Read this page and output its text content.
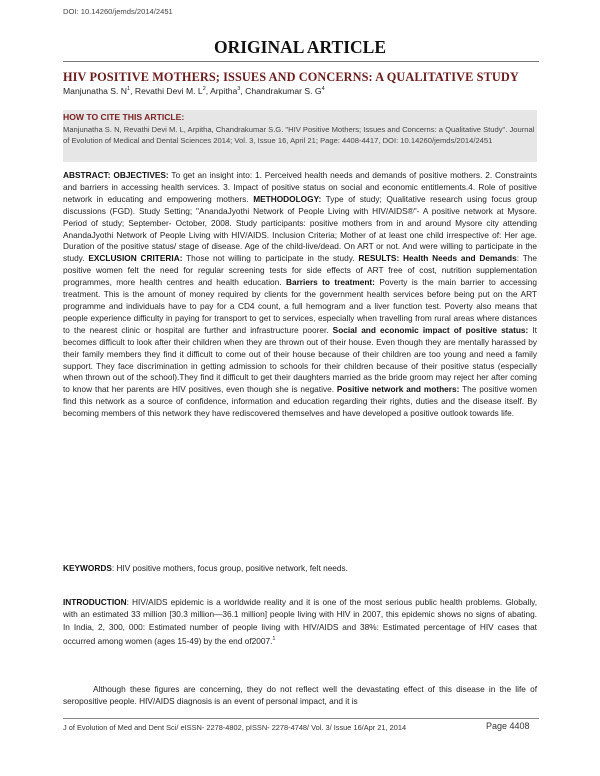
DOI: 10.14260/jemds/2014/2451
ORIGINAL ARTICLE
HIV POSITIVE MOTHERS; ISSUES AND CONCERNS: A QUALITATIVE STUDY
Manjunatha S. $N^1$, Revathi Devi M. $L^2$, Arpitha$^3$, Chandrakumar S. $G^4$
HOW TO CITE THIS ARTICLE:
Manjunatha S. N, Revathi Devi M. L, Arpitha, Chandrakumar S.G. "HIV Positive Mothers; Issues and Concerns: a Qualitative Study". Journal of Evolution of Medical and Dental Sciences 2014; Vol. 3, Issue 16, April 21; Page: 4408-4417, DOI: 10.14260/jemds/2014/2451
ABSTRACT: OBJECTIVES: To get an insight into: 1. Perceived health needs and demands of positive mothers. 2. Constraints and barriers in accessing health services. 3. Impact of positive status on social and economic entitlements.4. Role of positive network in educating and empowering mothers. METHODOLOGY: Type of study; Qualitative research using focus group discussions (FGD). Study Setting; "AnandaJyothi Network of People Living with HIV/AIDS®"- A positive network at Mysore. Period of study; September- October, 2008. Study participants: positive mothers from in and around Mysore city attending AnandaJyothi Network of People Living with HIV/AIDS. Inclusion Criteria; Mother of at least one child irrespective of: Her age. Duration of the positive status/ stage of disease. Age of the child-live/dead. On ART or not. And were willing to participate in the study. EXCLUSION CRITERIA: Those not willing to participate in the study. RESULTS: Health Needs and Demands: The positive women felt the need for regular screening tests for side effects of ART free of cost, nutrition supplementation programmes, more health centres and health education. Barriers to treatment: Poverty is the main barrier to accessing treatment. This is the amount of money required by clients for the government health services before being put on the ART programme and individuals have to pay for a CD4 count, a full hemogram and a liver function test. Poverty also means that people experience difficulty in paying for transport to get to services, especially when travelling from rural areas where distances to the nearest clinic or hospital are further and infrastructure poorer. Social and economic impact of positive status: It becomes difficult to look after their children when they are thrown out of their house. Even though they are mentally harassed by their family members they find it difficult to come out of their house because of their children are too young and need a family support. They face discrimination in getting admission to schools for their children because of their positive status (especially when thrown out of the school).They find it difficult to get their daughters married as the bride groom may reject her after coming to know that her parents are HIV positives, even though she is negative. Positive network and mothers: The positive women find this network as a source of confidence, information and education regarding their rights, duties and the disease itself. By becoming members of this network they have rediscovered themselves and have developed a positive outlook towards life.
KEYWORDS: HIV positive mothers, focus group, positive network, felt needs.
INTRODUCTION: HIV/AIDS epidemic is a worldwide reality and it is one of the most serious public health problems. Globally, with an estimated 33 million [30.3 million—36.1 million] people living with HIV in 2007, this epidemic shows no signs of abating. In India, 2, 300, 000: Estimated number of people living with HIV/AIDS and 38%: Estimated percentage of HIV cases that occurred among women (ages 15-49) by the end of2007.$^1$
Although these figures are concerning, they do not reflect well the devastating effect of this disease in the life of seropositive people. HIV/AIDS diagnosis is an event of personal impact, and it is
J of Evolution of Med and Dent Sci/ eISSN- 2278-4802, pISSN- 2278-4748/ Vol. 3/ Issue 16/Apr 21, 2014	Page 4408
